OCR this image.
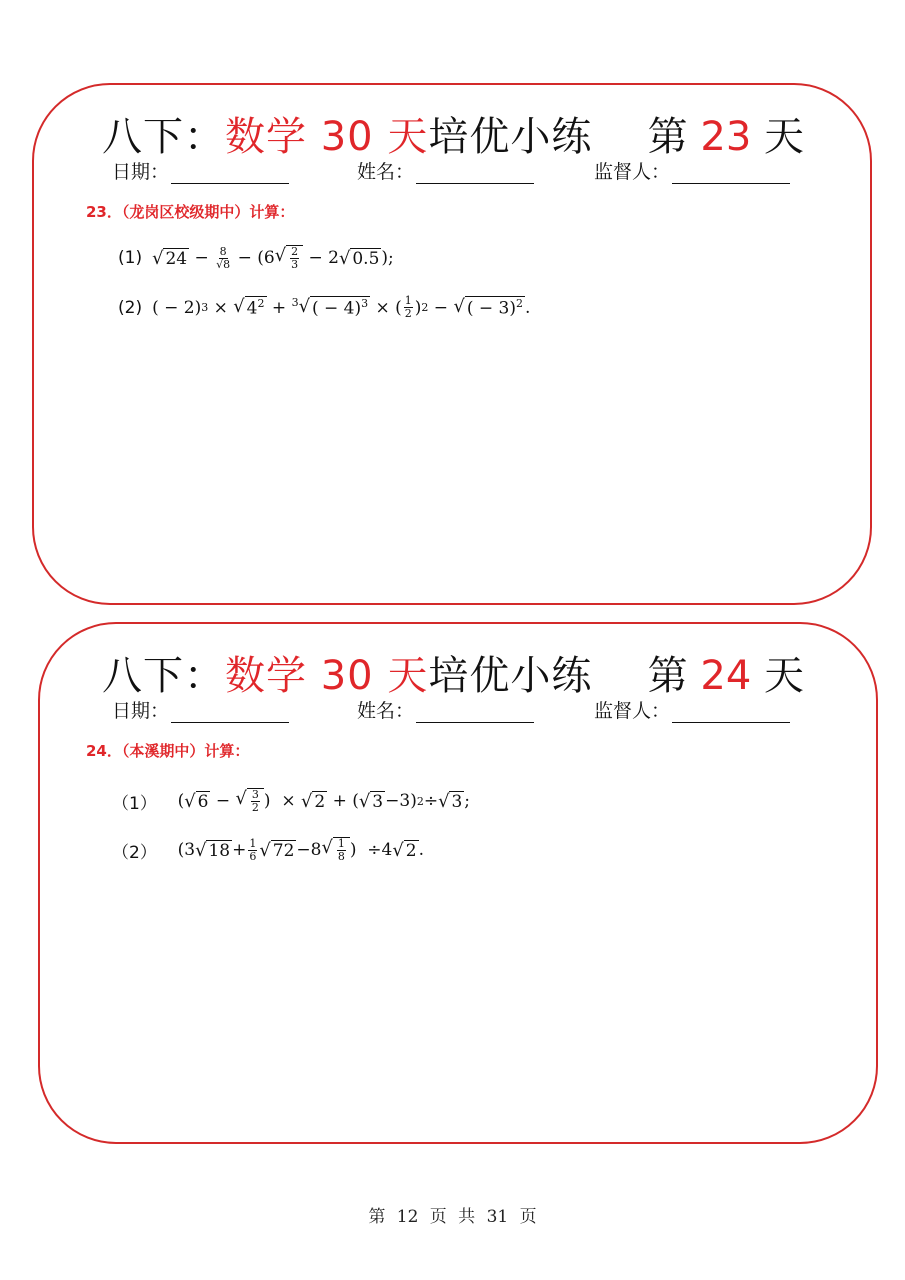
八下：数学 30 天培优小练 第 23 天
日期：	姓名：	监督人：
23．（龙岗区校级期中）计算：
(1) √ $24 - \frac{8}{√8}$ − ( 6 √ $\frac{2}{3} - 2$ √ 0.5 );
(2) ( − 2) 3 × √ $4^2 + 3$ √ ( − 4)$^3$ × ( $\frac{1}{2}$ ) 2 − √ ( − 3)$^2$ .
八下：数学 30 天培优小练 第 24 天
日期：	姓名：	监督人：
24．（本溪期中）计算：
（1） ( √ 6 − √ $\frac{3}{2}$ )  × √ 2 + ( √ 3 − 3 ) 2 ÷ √ 3 ;
（2） ( 3 √ $18 + \frac{1}{6}$ √ 72 − 8 √ $\frac{1}{8}$ )  ÷ 4 √ 2 .
第 12 页 共 31 页
